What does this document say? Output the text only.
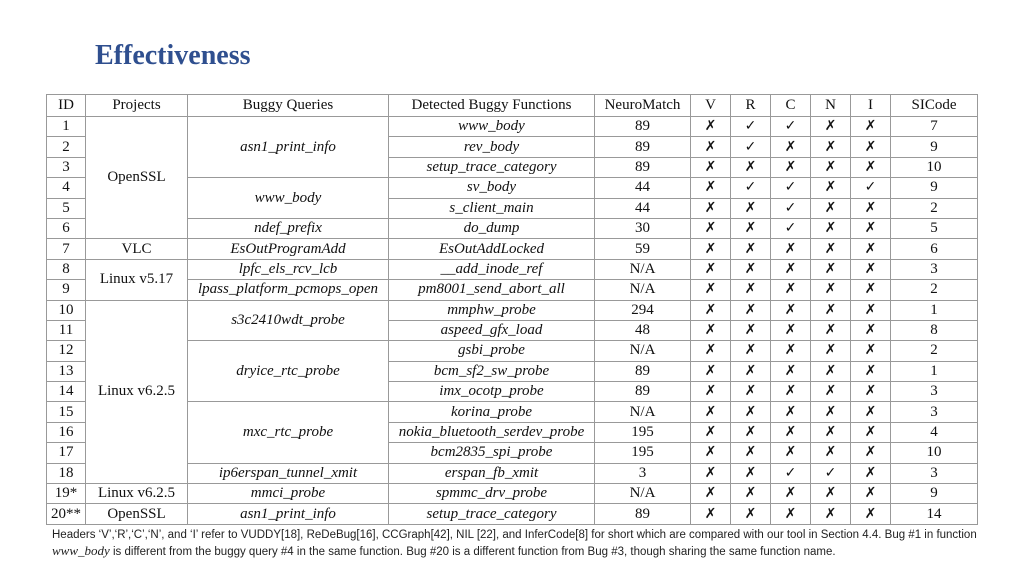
Effectiveness
ID	Projects	Buggy Queries	Detected Buggy Functions	NeuroMatch	V	R	C	N	I	SICode
1	OpenSSL	asn1_print_info	www_body	89	✗	✓	✓	✗	✗	7
2			rev_body	89	✗	✓	✗	✗	✗	9
3			setup_trace_category	89	✗	✗	✗	✗	✗	10
4		www_body	sv_body	44	✗	✓	✓	✗	✓	9
5			s_client_main	44	✗	✗	✓	✗	✗	2
6		ndef_prefix	do_dump	30	✗	✗	✓	✗	✗	5
7	VLC	EsOutProgramAdd	EsOutAddLocked	59	✗	✗	✗	✗	✗	6
8	Linux v5.17	lpfc_els_rcv_lcb	__add_inode_ref	N/A	✗	✗	✗	✗	✗	3
9		lpass_platform_pcmops_open	pm8001_send_abort_all	N/A	✗	✗	✗	✗	✗	2
10	Linux v6.2.5	s3c2410wdt_probe	mmphw_probe	294	✗	✗	✗	✗	✗	1
11			aspeed_gfx_load	48	✗	✗	✗	✗	✗	8
12		dryice_rtc_probe	gsbi_probe	N/A	✗	✗	✗	✗	✗	2
13			bcm_sf2_sw_probe	89	✗	✗	✗	✗	✗	1
14			imx_ocotp_probe	89	✗	✗	✗	✗	✗	3
15		mxc_rtc_probe	korina_probe	N/A	✗	✗	✗	✗	✗	3
16			nokia_bluetooth_serdev_probe	195	✗	✗	✗	✗	✗	4
17			bcm2835_spi_probe	195	✗	✗	✗	✗	✗	10
18		ip6erspan_tunnel_xmit	erspan_fb_xmit	3	✗	✗	✓	✓	✗	3
19*	Linux v6.2.5	mmci_probe	spmmc_drv_probe	N/A	✗	✗	✗	✗	✗	9
20**	OpenSSL	asn1_print_info	setup_trace_category	89	✗	✗	✗	✗	✗	14
Headers ‘V’,‘R’,‘C’,‘N’, and ‘I’ refer to VUDDY[18], ReDeBug[16], CCGraph[42], NIL [22], and InferCode[8] for short which are compared with our tool in Section 4.4. Bug #1 in function www_body is different from the buggy query #4 in the same function. Bug #20 is a different function from Bug #3, though sharing the same function name.
